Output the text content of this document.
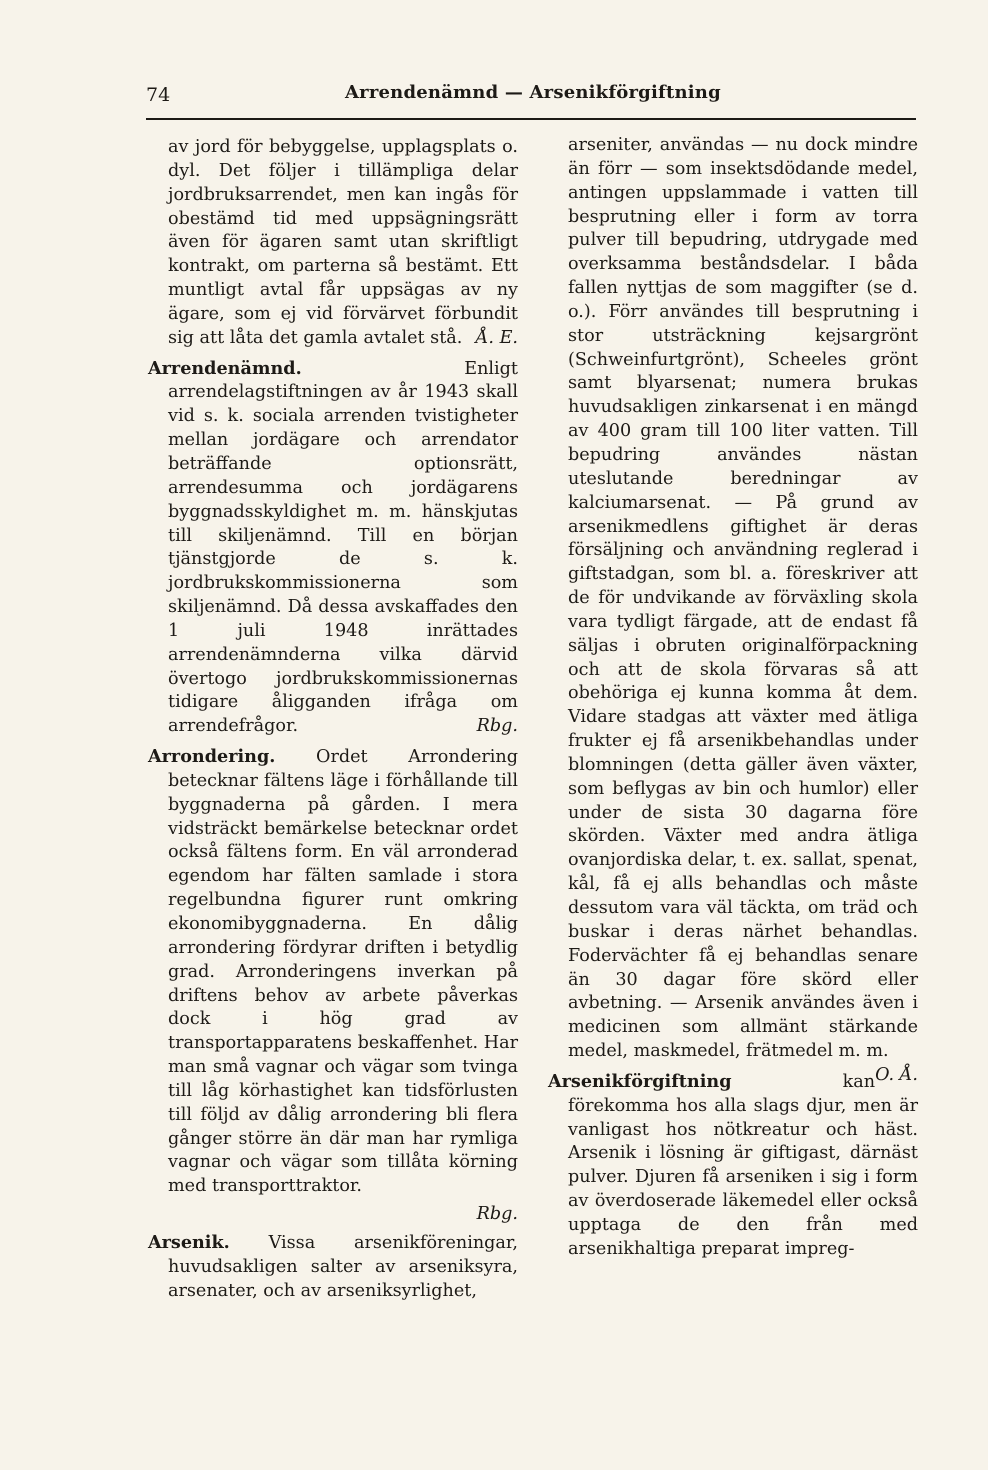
74	Arrendenämnd — Arsenikförgiftning

av jord för bebyggelse, upplagsplats o. dyl. Det följer i tillämpliga delar jordbruksarrendet, men kan ingås för obestämd tid med uppsägningsrätt även för ägaren samt utan skriftligt kontrakt, om parterna så bestämt. Ett muntligt avtal får uppsägas av ny ägare, som ej vid förvärvet förbundit sig att låta det gamla avtalet stå. Å. E.

Arrendenämnd.	Enligt arrendelagstiftningen av år 1943 skall vid s. k. sociala arrenden tvistigheter mellan jordägare och arrendator beträffande optionsrätt, arrendesumma och jordägarens byggnadsskyldighet m. m. hänskjutas till skiljenämnd. Till en början tjänstgjorde de s. k. jordbrukskommissionerna som skiljenämnd. Då dessa avskaffades den 1 juli 1948 inrättades arrendenämnderna vilka därvid övertogo jordbrukskommissionernas tidigare åligganden ifråga om arrendefrågor.	Rbg.

Arrondering. Ordet Arrondering betecknar fältens läge i förhållande till byggnaderna på gården. I mera vidsträckt bemärkelse betecknar ordet också fältens form. En väl arronderad egendom har fälten samlade i stora regelbundna figurer runt omkring ekonomibyggnaderna. En dålig arrondering fördyrar driften i betydlig grad. Arronderingens inverkan på driftens behov av arbete påverkas dock i hög grad av transportapparatens beskaffenhet. Har man små vagnar och vägar som tvinga till låg körhastighet kan tidsförlusten till följd av dålig arrondering bli flera gånger större än där man har rymliga vagnar och vägar som tillåta körning med transporttraktor.

Rbg.

Arsenik. Vissa arsenikföreningar, huvudsakligen salter av arseniksyra, arsenater, och av arseniksyrlighet,

arseniter, användas — nu dock mindre än förr — som insektsdödande medel, antingen uppslammade i vatten till besprutning eller i form av torra pulver till bepudring, utdrygade med overksamma beståndsdelar. I båda fallen nyttjas de som maggifter (se d. o.). Förr användes till besprutning i stor utsträckning kejsargrönt (Schweinfurtgrönt), Scheeles grönt samt blyarsenat; numera brukas huvudsakligen zinkarsenat i en mängd av 400 gram till 100 liter vatten. Till bepudring användes nästan uteslutande beredningar av kalciumarsenat. — På grund av arsenikmedlens giftighet är deras försäljning och användning reglerad i giftstadgan, som bl. a. föreskriver att de för undvikande av förväxling skola vara tydligt färgade, att de endast få säljas i obruten originalförpackning och att de skola förvaras så att obehöriga ej kunna komma åt dem. Vidare stadgas att växter med ätliga frukter ej få arsenikbehandlas under blomningen (detta gäller även växter, som beflygas av bin och humlor) eller under de sista 30 dagarna före skörden. Växter med andra ätliga ovanjordiska delar, t. ex. sallat, spenat, kål, få ej alls behandlas och måste dessutom vara väl täckta, om träd och buskar i deras närhet behandlas. Fodervächter få ej behandlas senare än 30 dagar före skörd eller avbetning. — Arsenik användes även i medicinen som allmänt stärkande medel, maskmedel, frätmedel m. m.
O. Å.

Arsenikförgiftning	kan förekomma hos alla slags djur, men är vanligast hos nötkreatur och häst. Arsenik i lösning är giftigast, därnäst pulver. Djuren få arseniken i sig i form av överdoserade läkemedel eller också upptaga de den från med arsenikhaltiga preparat impreg-
